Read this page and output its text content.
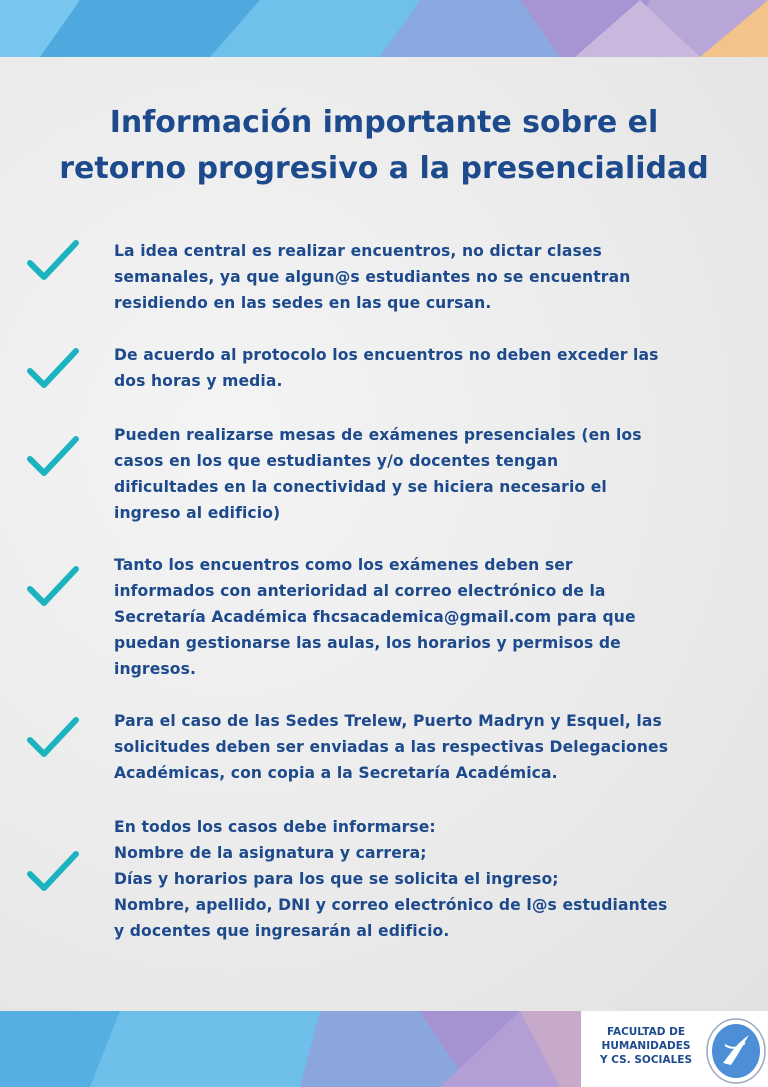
Información importante sobre el
retorno progresivo a la presencialidad

La idea central es realizar encuentros, no dictar clases
semanales, ya que algun@s estudiantes no se encuentran
residiendo en las sedes en las que cursan.

De acuerdo al protocolo los encuentros no deben exceder las
dos horas y media.

Pueden realizarse mesas de exámenes presenciales (en los
casos en los que estudiantes y/o docentes tengan
dificultades en la conectividad y se hiciera necesario el
ingreso al edificio)

Tanto los encuentros como los exámenes deben ser
informados con anterioridad al correo electrónico de la
Secretaría Académica fhcsacademica@gmail.com para que
puedan gestionarse las aulas, los horarios y permisos de
ingresos.

Para el caso de las Sedes Trelew, Puerto Madryn y Esquel, las
solicitudes deben ser enviadas a las respectivas Delegaciones
Académicas, con copia a la Secretaría Académica.

En todos los casos debe informarse:
Nombre de la asignatura y carrera;
Días y horarios para los que se solicita el ingreso;
Nombre, apellido, DNI y correo electrónico de l@s estudiantes
y docentes que ingresarán al edificio.

FACULTAD DE
HUMANIDADES
Y CS. SOCIALES
